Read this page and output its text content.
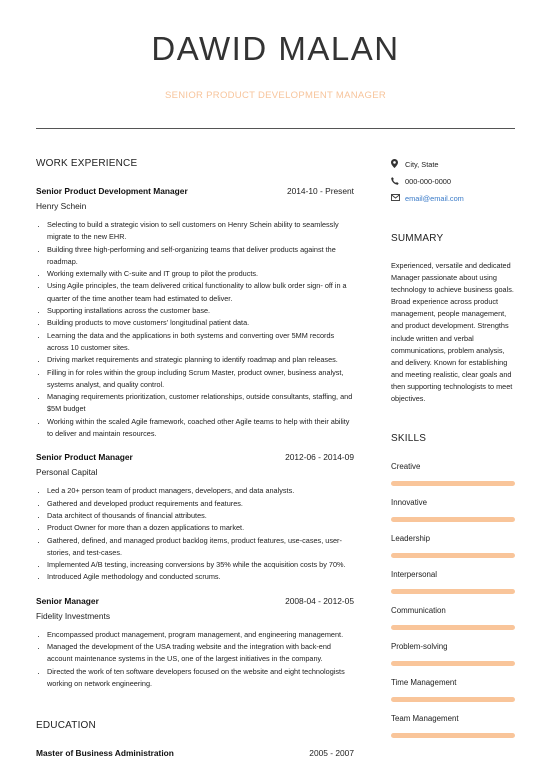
DAWID MALAN
SENIOR PRODUCT DEVELOPMENT MANAGER
WORK EXPERIENCE
Senior Product Development Manager	2014-10 - Present
Henry Schein
• Selecting to build a strategic vision to sell customers on Henry Schein ability to seamlessly migrate to the new EHR.
• Building three high-performing and self-organizing teams that deliver products against the roadmap.
• Working externally with C-suite and IT group to pilot the products.
• Using Agile principles, the team delivered critical functionality to allow bulk order sign- off in a quarter of the time another team had estimated to deliver.
• Supporting installations across the customer base.
• Building products to move customers' longitudinal patient data.
• Learning the data and the applications in both systems and converting over 5MM records across 10 customer sites.
• Driving market requirements and strategic planning to identify roadmap and plan releases.
• Filling in for roles within the group including Scrum Master, product owner, business analyst, systems analyst, and quality control.
• Managing requirements prioritization, customer relationships, outside consultants, staffing, and $5M budget
• Working within the scaled Agile framework, coached other Agile teams to help with their ability to deliver and maintain resources.
Senior Product Manager	2012-06 - 2014-09
Personal Capital
• Led a 20+ person team of product managers, developers, and data analysts.
• Gathered and developed product requirements and features.
• Data architect of thousands of financial attributes.
• Product Owner for more than a dozen applications to market.
• Gathered, defined, and managed product backlog items, product features, use-cases, user-stories, and test-cases.
• Implemented A/B testing, increasing conversions by 35% while the acquisition costs by 70%.
• Introduced Agile methodology and conducted scrums.
Senior Manager	2008-04 - 2012-05
Fidelity Investments
• Encompassed product management, program management, and engineering management.
• Managed the development of the USA trading website and the integration with back-end account maintenance systems in the US, one of the largest initiatives in the company.
• Directed the work of ten software developers focused on the website and eight technologists working on network engineering.
EDUCATION
Master of Business Administration	2005 - 2007
City, State
000-000-0000
email@email.com
SUMMARY
Experienced, versatile and dedicated Manager passionate about using technology to achieve business goals. Broad experience across product management, people management, and product development. Strengths include written and verbal communications, problem analysis, and delivery. Known for establishing and meeting realistic, clear goals and then supporting technologists to meet objectives.
SKILLS
Creative
Innovative
Leadership
Interpersonal
Communication
Problem-solving
Time Management
Team Management
